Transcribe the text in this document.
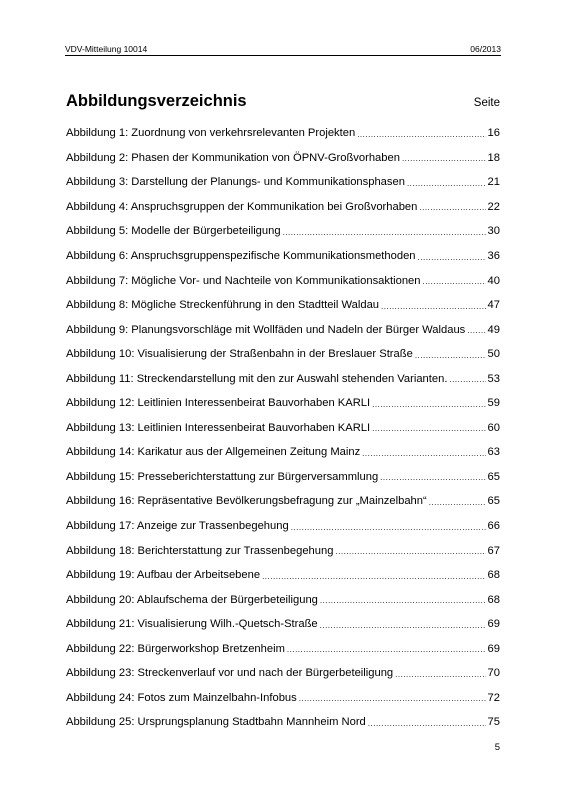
VDV-Mitteilung 10014	06/2013
Abbildungsverzeichnis	Seite
Abbildung 1: Zuordnung von verkehrsrelevanten Projekten .....	16
Abbildung 2: Phasen der Kommunikation von ÖPNV-Großvorhaben .....	18
Abbildung 3: Darstellung der Planungs- und Kommunikationsphasen .....	21
Abbildung 4: Anspruchsgruppen der Kommunikation bei Großvorhaben .....	22
Abbildung 5: Modelle der Bürgerbeteiligung .....	30
Abbildung 6: Anspruchsgruppenspezifische Kommunikationsmethoden .....	36
Abbildung 7: Mögliche Vor- und Nachteile von Kommunikationsaktionen .....	40
Abbildung 8: Mögliche Streckenführung in den Stadtteil Waldau .....	47
Abbildung 9: Planungsvorschläge mit Wollfäden und Nadeln der Bürger Waldaus ..... 49
Abbildung 10: Visualisierung der Straßenbahn in der Breslauer Straße .....	50
Abbildung 11: Streckendarstellung mit den zur Auswahl stehenden Varianten. .....	53
Abbildung 12: Leitlinien Interessenbeirat Bauvorhaben KARLI .....	59
Abbildung 13: Leitlinien Interessenbeirat Bauvorhaben KARLI .....	60
Abbildung 14: Karikatur aus der Allgemeinen Zeitung Mainz .....	63
Abbildung 15: Presseberichterstattung zur Bürgerversammlung .....	65
Abbildung 16: Repräsentative Bevölkerungsbefragung zur „Mainzelbahn“ .....	65
Abbildung 17: Anzeige zur Trassenbegehung .....	66
Abbildung 18: Berichterstattung zur Trassenbegehung .....	67
Abbildung 19: Aufbau der Arbeitsebene .....	68
Abbildung 20: Ablaufschema der Bürgerbeteiligung .....	68
Abbildung 21: Visualisierung Wilh.-Quetsch-Straße .....	69
Abbildung 22: Bürgerworkshop Bretzenheim .....	69
Abbildung 23: Streckenverlauf vor und nach der Bürgerbeteiligung .....	70
Abbildung 24: Fotos zum Mainzelbahn-Infobus .....	72
Abbildung 25: Ursprungsplanung Stadtbahn Mannheim Nord .....	75
5
